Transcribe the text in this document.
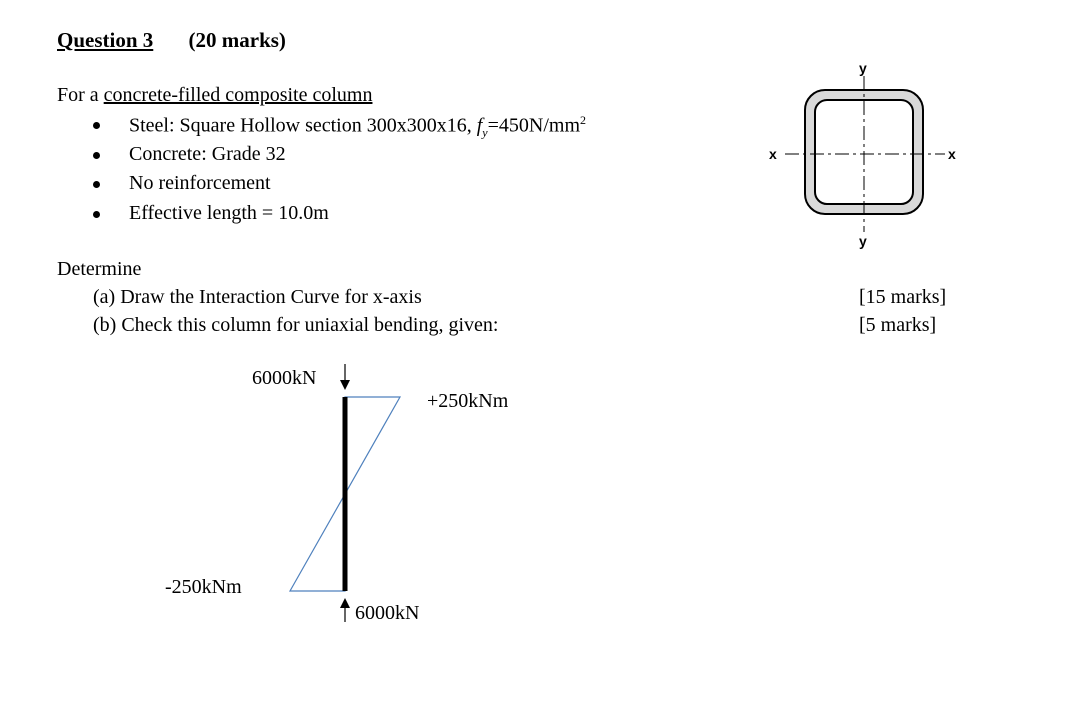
Question 3 (20 marks)
For a concrete-filled composite column
Steel: Square Hollow section 300x300x16, $f_y=450N/mm^2$
Concrete: Grade 32
No reinforcement
Effective length = 10.0m
y
y
x	x
Determine
(a) Draw the Interaction Curve for x-axis
(b) Check this column for uniaxial bending, given:
[15 marks]
[5 marks]
6000kN
6000kN
+250kNm
-250kNm
